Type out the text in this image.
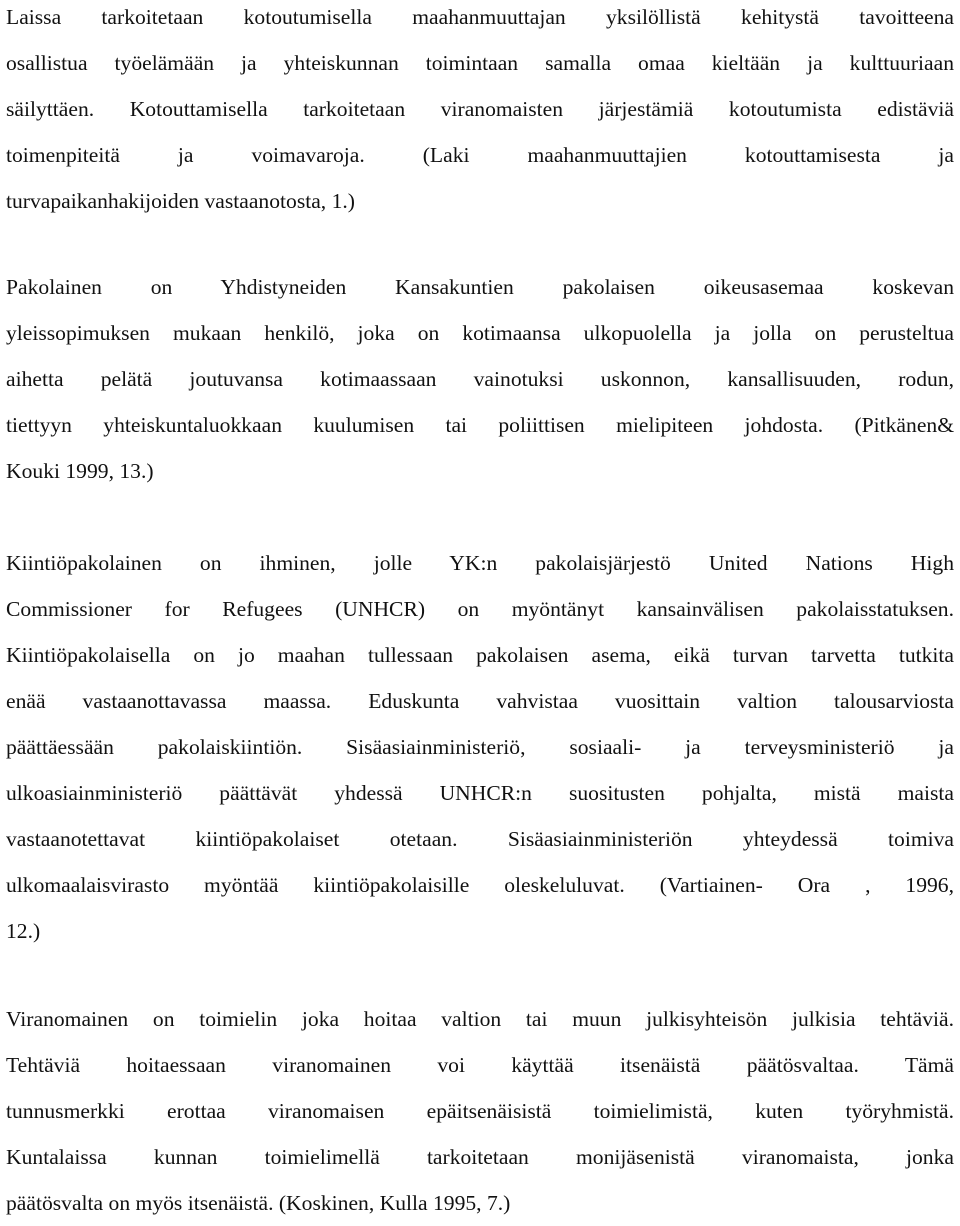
Laissa tarkoitetaan kotoutumisella maahanmuuttajan yksilöllistä kehitystä tavoitteena
osallistua työelämään ja yhteiskunnan toimintaan samalla omaa kieltään ja kulttuuriaan
säilyttäen. Kotouttamisella tarkoitetaan viranomaisten järjestämiä kotoutumista edistäviä
toimenpiteitä ja voimavaroja. (Laki maahanmuuttajien kotouttamisesta ja
turvapaikanhakijoiden vastaanotosta, 1.)
Pakolainen on Yhdistyneiden Kansakuntien pakolaisen oikeusasemaa koskevan
yleissopimuksen mukaan henkilö, joka on kotimaansa ulkopuolella ja jolla on perusteltua
aihetta pelätä joutuvansa kotimaassaan vainotuksi uskonnon, kansallisuuden, rodun,
tiettyyn yhteiskuntaluokkaan kuulumisen tai poliittisen mielipiteen johdosta. (Pitkänen&
Kouki 1999, 13.)
Kiintiöpakolainen on ihminen, jolle YK:n pakolaisjärjestö United Nations High
Commissioner for Refugees (UNHCR) on myöntänyt kansainvälisen pakolaisstatuksen.
Kiintiöpakolaisella on jo maahan tullessaan pakolaisen asema, eikä turvan tarvetta tutkita
enää vastaanottavassa maassa. Eduskunta vahvistaa vuosittain valtion talousarviosta
päättäessään pakolaiskiintiön. Sisäasiainministeriö, sosiaali- ja terveysministeriö ja
ulkoasiainministeriö päättävät yhdessä UNHCR:n suositusten pohjalta, mistä maista
vastaanotettavat kiintiöpakolaiset otetaan. Sisäasiainministeriön yhteydessä toimiva
ulkomaalaisvirasto myöntää kiintiöpakolaisille oleskeluluvat. (Vartiainen- Ora , 1996,
12.)
Viranomainen on toimielin joka hoitaa valtion tai muun julkisyhteisön julkisia tehtäviä.
Tehtäviä hoitaessaan viranomainen voi käyttää itsenäistä päätösvaltaa. Tämä
tunnusmerkki erottaa viranomaisen epäitsenäisistä toimielimistä, kuten työryhmistä.
Kuntalaissa kunnan toimielimellä tarkoitetaan monijäsenistä viranomaista, jonka
päätösvalta on myös itsenäistä. (Koskinen, Kulla 1995, 7.)
